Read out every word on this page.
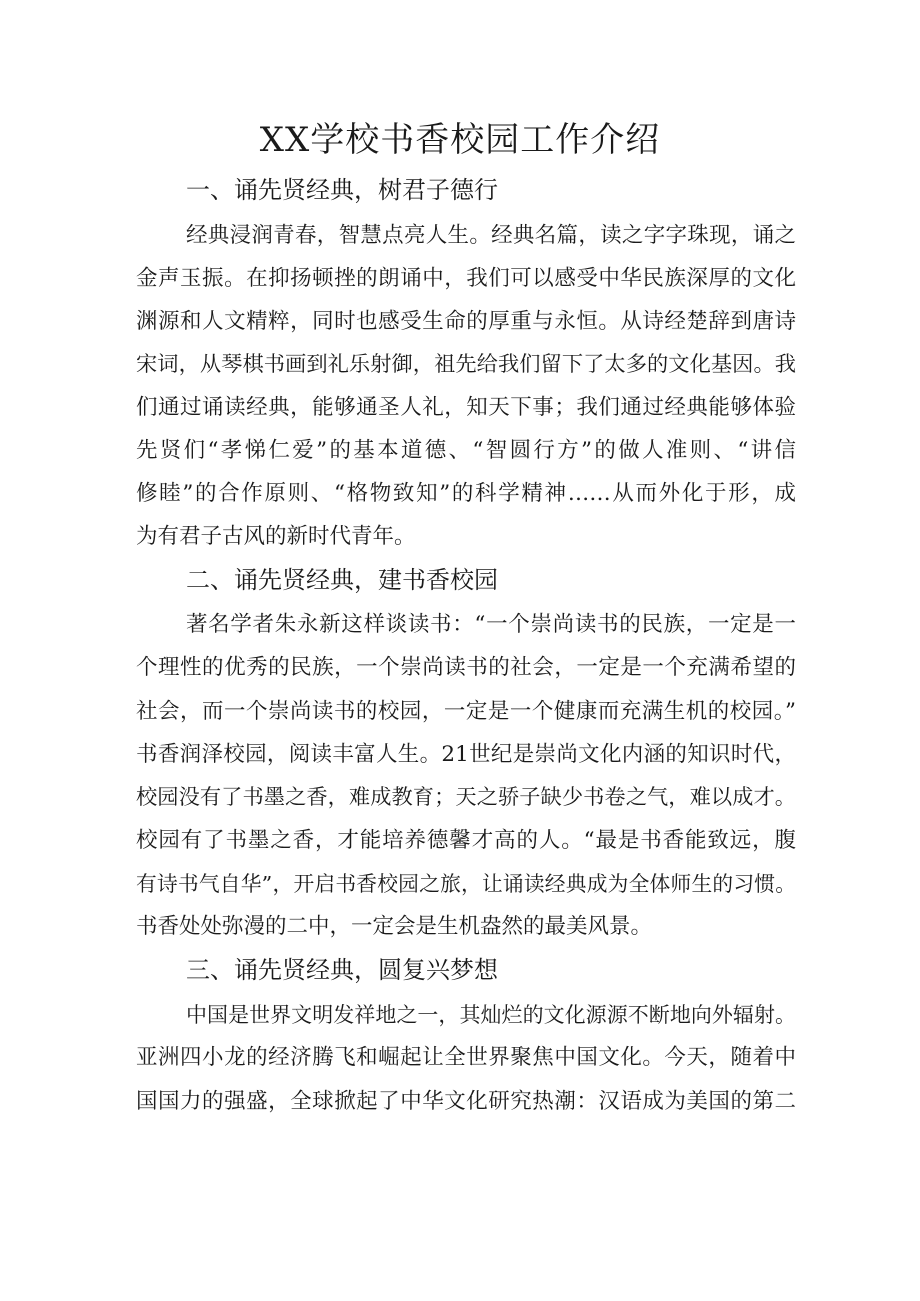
XX学校书香校园工作介绍
一、诵先贤经典，树君子德行
经典浸润青春，智慧点亮人生。经典名篇，读之字字珠现，诵之
金声玉振。在抑扬顿挫的朗诵中，我们可以感受中华民族深厚的文化
渊源和人文精粹，同时也感受生命的厚重与永恒。从诗经楚辞到唐诗
宋词，从琴棋书画到礼乐射御，祖先给我们留下了太多的文化基因。我
们通过诵读经典，能够通圣人礼，知天下事；我们通过经典能够体验
先贤们“孝悌仁爱”的基本道德、“智圆行方”的做人准则、“讲信
修睦”的合作原则、“格物致知”的科学精神……从而外化于形，成
为有君子古风的新时代青年。
二、诵先贤经典，建书香校园
著名学者朱永新这样谈读书：“一个崇尚读书的民族，一定是一
个理性的优秀的民族，一个崇尚读书的社会，一定是一个充满希望的
社会，而一个崇尚读书的校园，一定是一个健康而充满生机的校园。”
书香润泽校园，阅读丰富人生。21世纪是崇尚文化内涵的知识时代，
校园没有了书墨之香，难成教育；天之骄子缺少书卷之气，难以成才。
校园有了书墨之香，才能培养德馨才高的人。“最是书香能致远，腹
有诗书气自华”，开启书香校园之旅，让诵读经典成为全体师生的习惯。
书香处处弥漫的二中，一定会是生机盎然的最美风景。
三、诵先贤经典，圆复兴梦想
中国是世界文明发祥地之一，其灿烂的文化源源不断地向外辐射。
亚洲四小龙的经济腾飞和崛起让全世界聚焦中国文化。今天，随着中
国国力的强盛，全球掀起了中华文化研究热潮：汉语成为美国的第二
